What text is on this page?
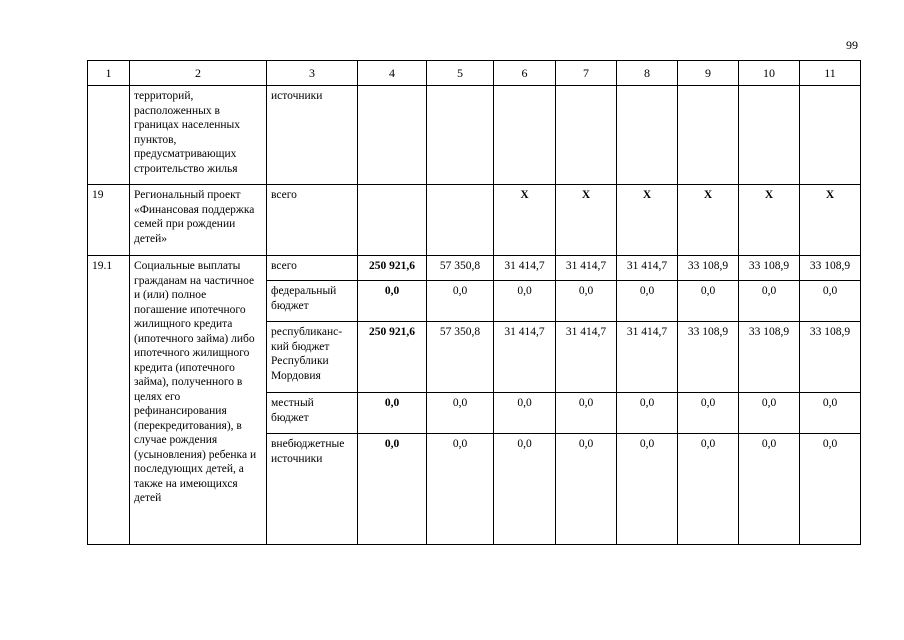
99
1	2	3	4	5	6	7	8	9	10	11
	территорий, расположенных в границах населенных пунктов, предусматривающих строительство жилья	источники								
19	Региональный проект «Финансовая поддержка семей при рождении детей»	всего			X	X	X	X	X	X
19.1	Социальные выплаты гражданам на частичное и (или) полное погашение ипотечного жилищного кредита (ипотечного займа) либо ипотечного жилищного кредита (ипотечного займа), полученного в целях его рефинансирования (перекредитования), в случае рождения (усыновления) ребенка и последующих детей, а также на имеющихся детей	всего	250 921,6	57 350,8	31 414,7	31 414,7	31 414,7	33 108,9	33 108,9	33 108,9
		федеральный бюджет	0,0	0,0	0,0	0,0	0,0	0,0	0,0	0,0
		республиканс-кий бюджет Республики Мордовия	250 921,6	57 350,8	31 414,7	31 414,7	31 414,7	33 108,9	33 108,9	33 108,9
		местный бюджет	0,0	0,0	0,0	0,0	0,0	0,0	0,0	0,0
		внебюджетные источники	0,0	0,0	0,0	0,0	0,0	0,0	0,0	0,0
